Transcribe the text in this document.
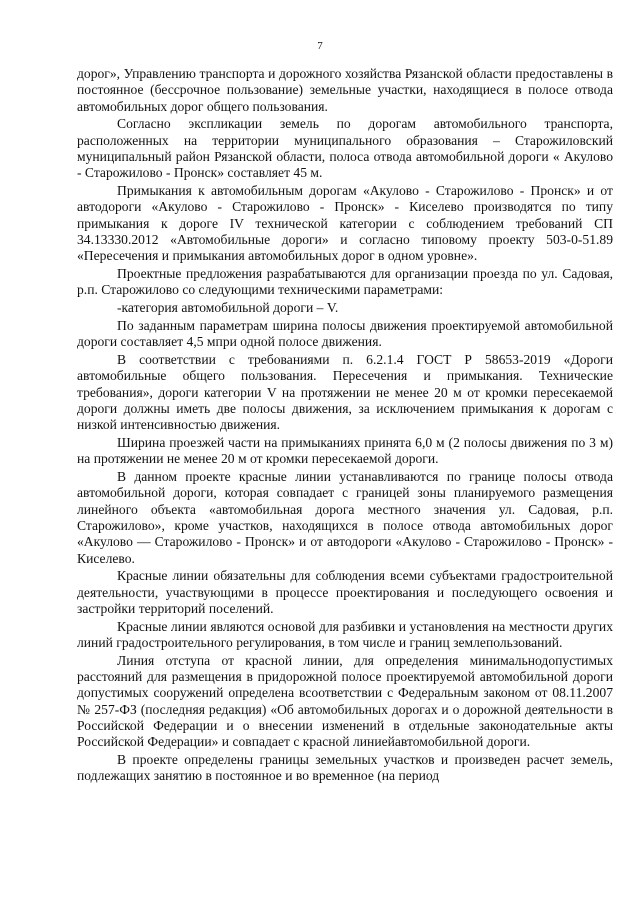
7

дорог», Управлению транспорта и дорожного хозяйства Рязанской области предоставлены в постоянное (бессрочное пользование) земельные участки, находящиеся в полосе отвода автомобильных дорог общего пользования.

Согласно экспликации земель по дорогам автомобильного транспорта, расположенных на территории муниципального образования – Старожиловский муниципальный район Рязанской области, полоса отвода автомобильной дороги « Акулово - Старожилово - Пронск» составляет 45 м.

Примыкания к автомобильным дорогам «Акулово - Старожилово - Пронск» и от автодороги «Акулово - Старожилово - Пронск» - Киселево производятся по типу примыкания к дороге IV технической категории с соблюдением требований СП 34.13330.2012 «Автомобильные дороги» и согласно типовому проекту 503-0-51.89 «Пересечения и примыкания автомобильных дорог в одном уровне».

Проектные предложения разрабатываются для организации проезда по ул. Садовая, р.п. Старожилово со следующими техническими параметрами:

-категория автомобильной дороги – V.

По заданным параметрам ширина полосы движения проектируемой автомобильной дороги составляет 4,5 мпри одной полосе движения.

В соответствии с требованиями п. 6.2.1.4 ГОСТ Р 58653-2019 «Дороги автомобильные общего пользования. Пересечения и примыкания. Технические требования», дороги категории V на протяжении не менее 20 м от кромки пересекаемой дороги должны иметь две полосы движения, за исключением примыкания к дорогам с низкой интенсивностью движения.

Ширина проезжей части на примыканиях принята 6,0 м (2 полосы движения по 3 м) на протяжении не менее 20 м от кромки пересекаемой дороги.

В данном проекте красные линии устанавливаются по границе полосы отвода автомобильной дороги, которая совпадает с границей зоны планируемого размещения линейного объекта «автомобильная дорога местного значения ул. Садовая, р.п. Старожилово», кроме участков, находящихся в полосе отвода автомобильных дорог «Акулово — Старожилово - Пронск» и от автодороги «Акулово - Старожилово - Пронск» - Киселево.

Красные линии обязательны для соблюдения всеми субъектами градостроительной деятельности, участвующими в процессе проектирования и последующего освоения и застройки территорий поселений.

Красные линии являются основой для разбивки и установления на местности других линий градостроительного регулирования, в том числе и границ землепользований.

Линия отступа от красной линии, для определения минимальнодопустимых расстояний для размещения в придорожной полосе проектируемой автомобильной дороги допустимых сооружений определена всоответствии с Федеральным законом от 08.11.2007 № 257-ФЗ (последняя редакция) «Об автомобильных дорогах и о дорожной деятельности в Российской Федерации и о внесении изменений в отдельные законодательные акты Российской Федерации» и совпадает с красной линиейавтомобильной дороги.

В проекте определены границы земельных участков и произведен расчет земель, подлежащих занятию в постоянное и во временное (на период
